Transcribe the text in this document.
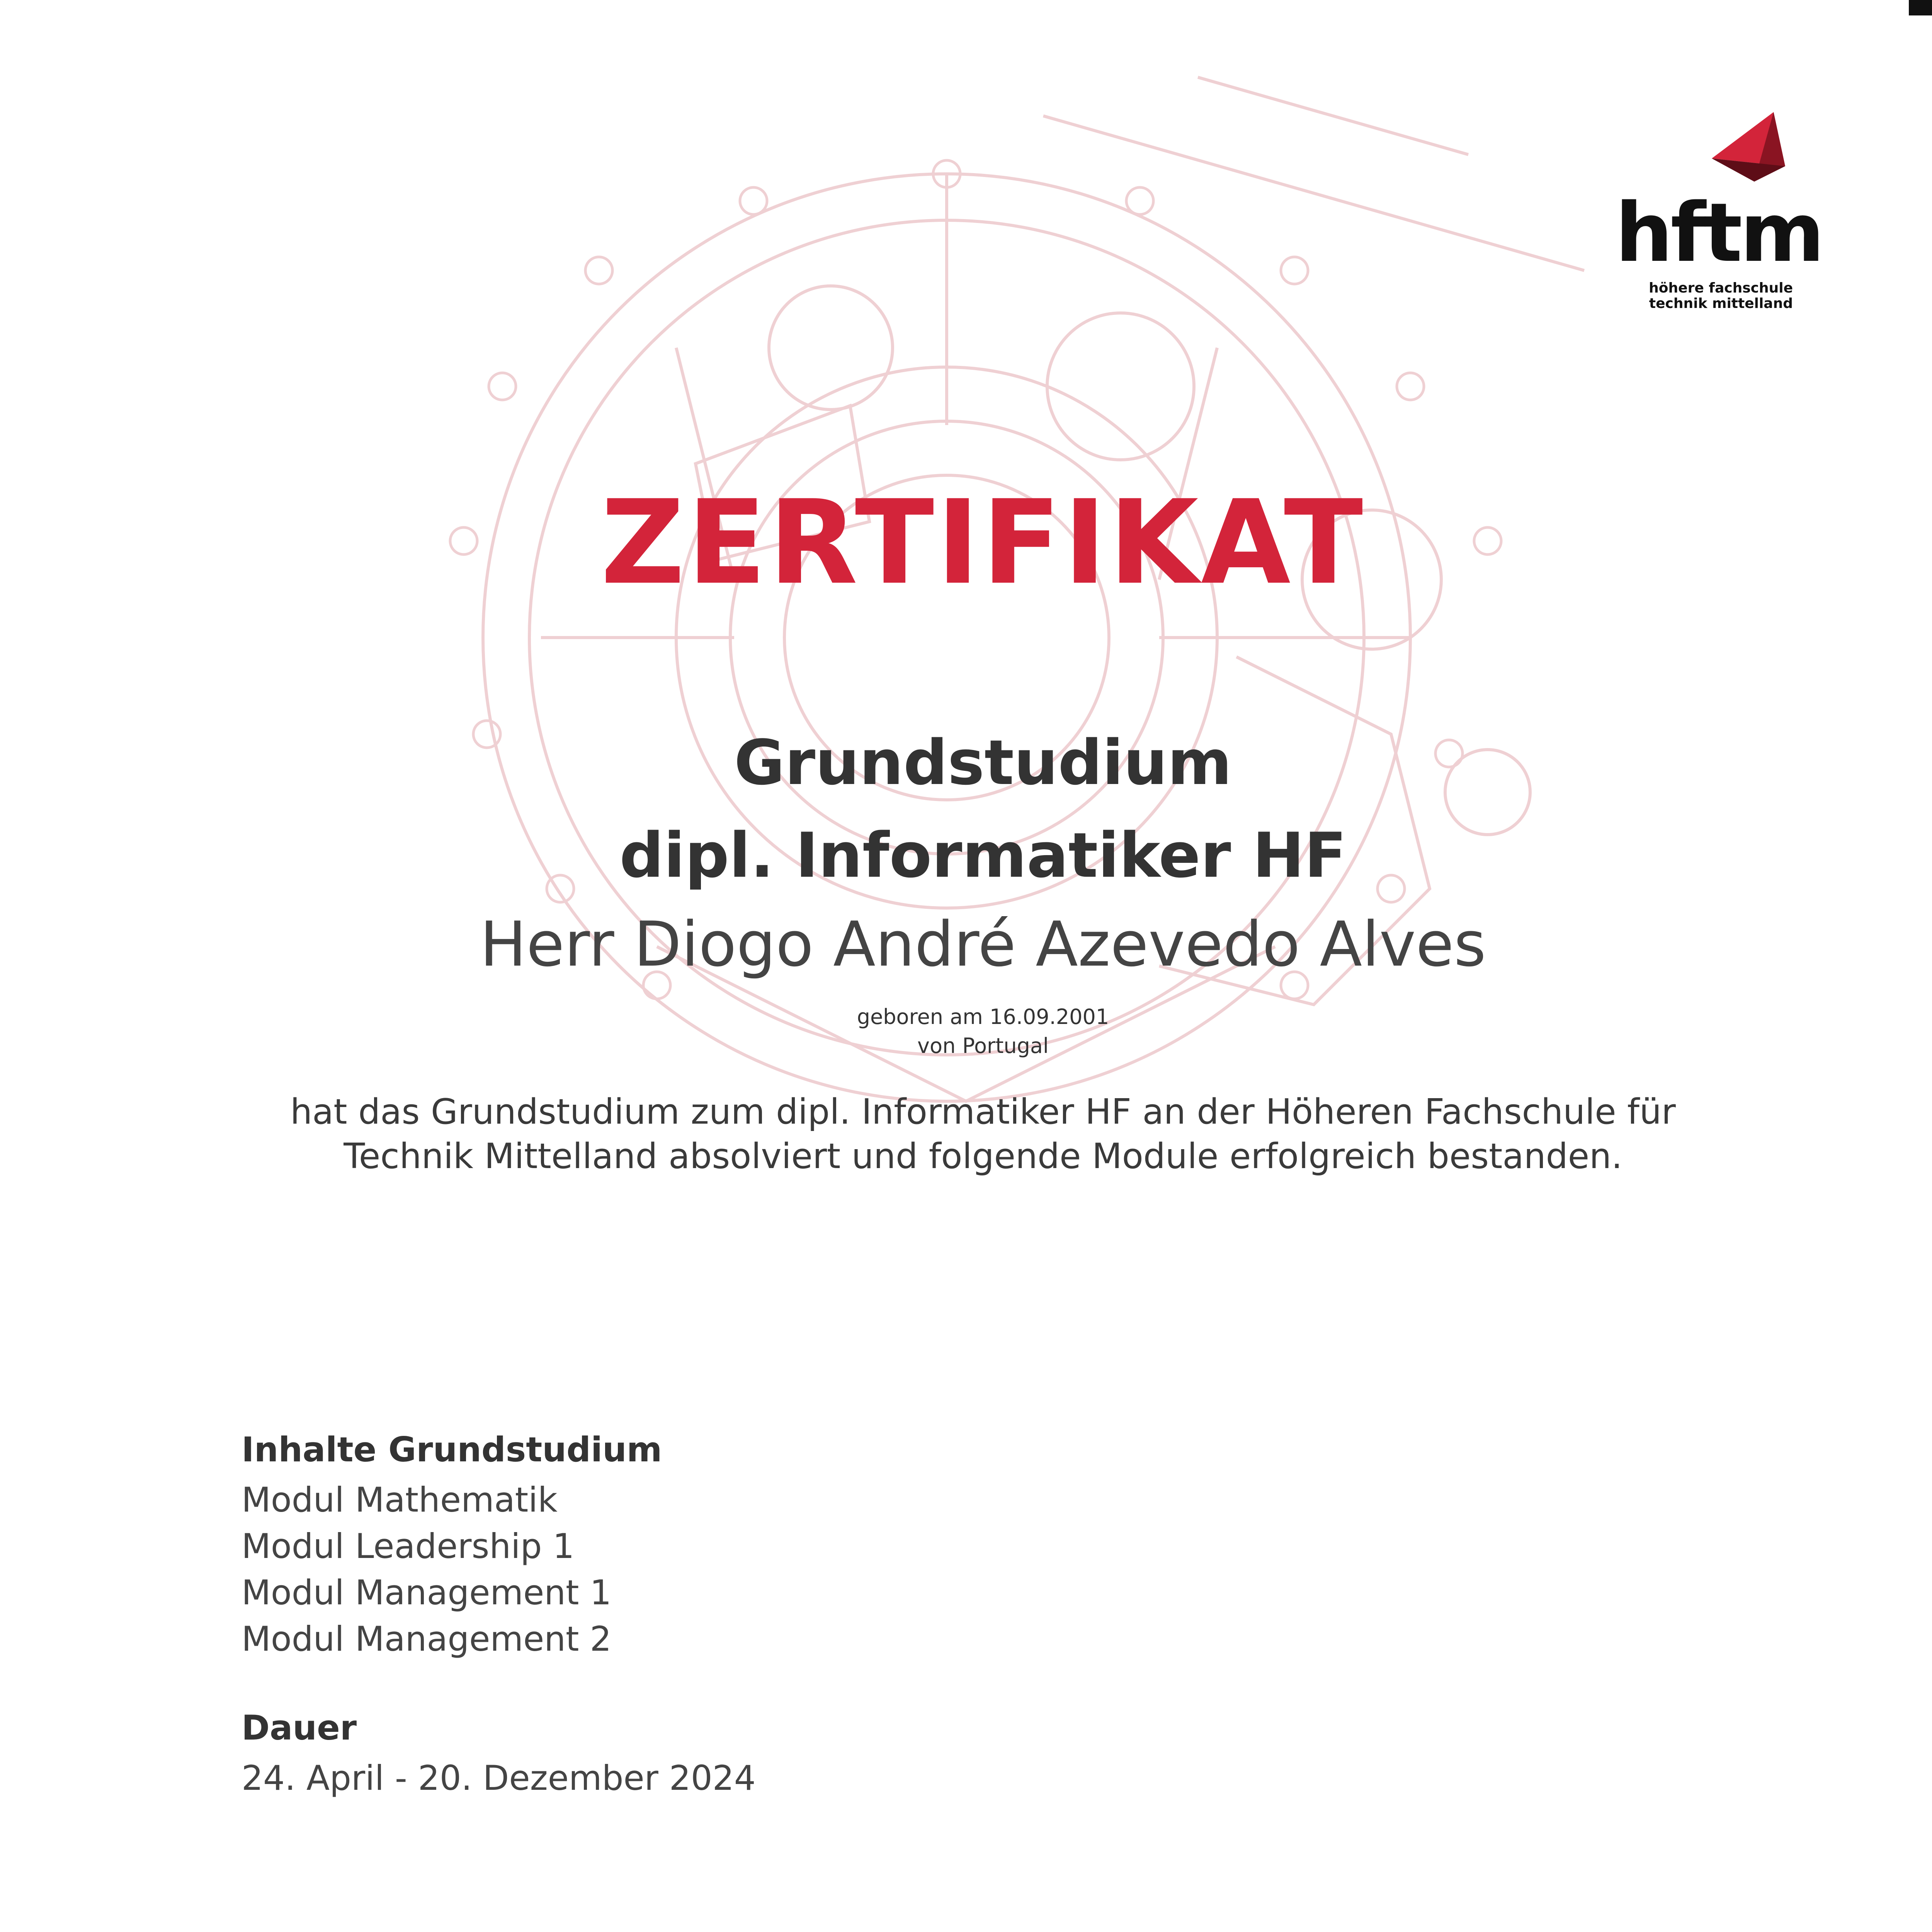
hftm
höhere fachschule
technik mittelland
ZERTIFIKAT
Grundstudium
dipl. Informatiker HF
Herr Diogo André Azevedo Alves
geboren am 16.09.2001
von Portugal
hat das Grundstudium zum dipl. Informatiker HF an der Höheren Fachschule für
Technik Mittelland absolviert und folgende Module erfolgreich bestanden.
Inhalte Grundstudium
Modul Mathematik
Modul Leadership 1
Modul Management 1
Modul Management 2
Dauer
24. April - 20. Dezember 2024
